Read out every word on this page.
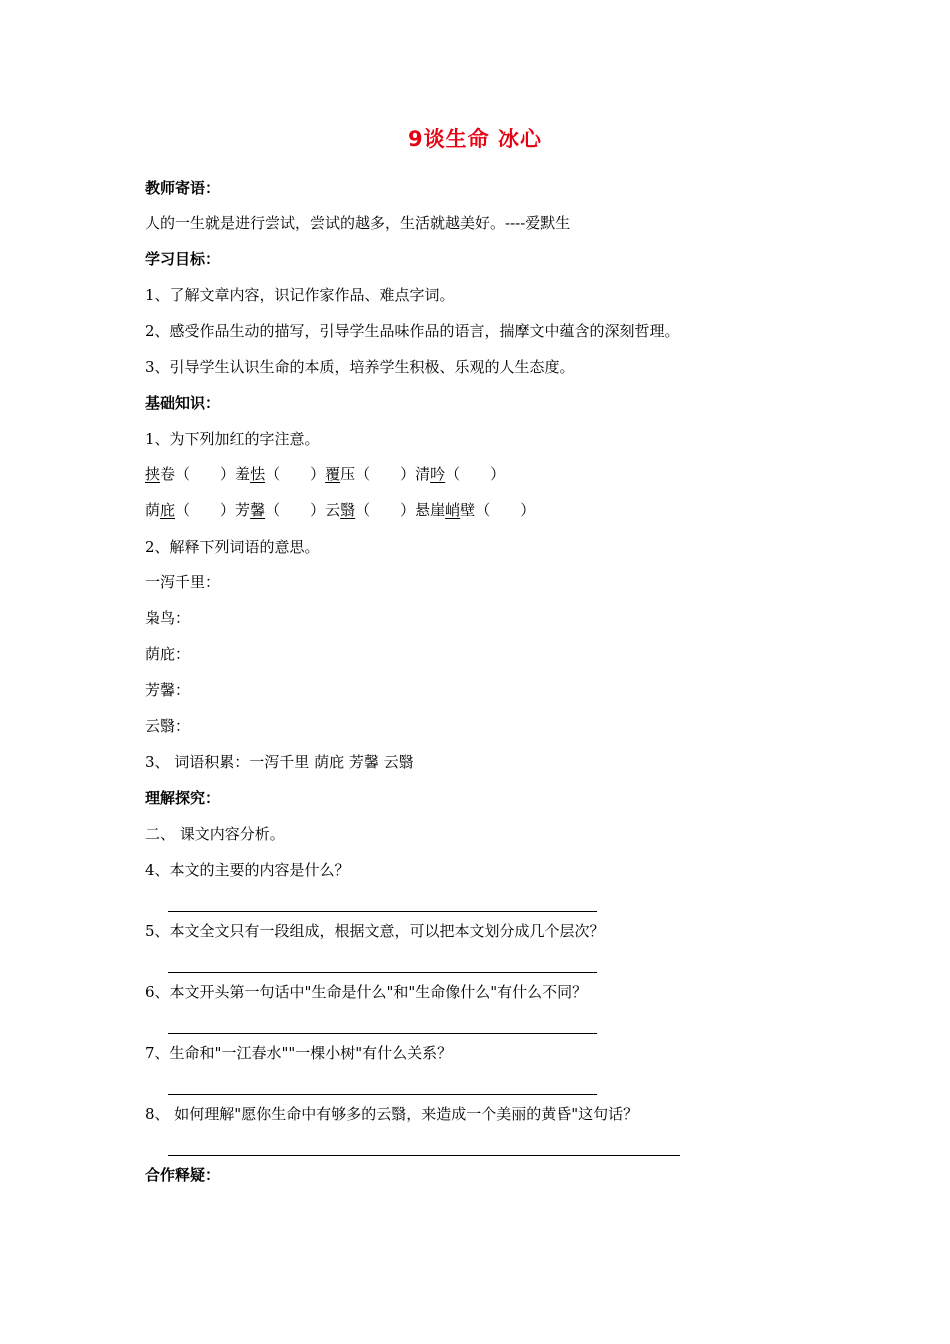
9谈生命 冰心
教师寄语：
人的一生就是进行尝试，尝试的越多，生活就越美好。----爱默生
学习目标：
1、了解文章内容，识记作家作品、难点字词。
2、感受作品生动的描写，引导学生品味作品的语言，揣摩文中蕴含的深刻哲理。
3、引导学生认识生命的本质，培养学生积极、乐观的人生态度。
基础知识：
1、为下列加红的字注意。
挟卷（　　）羞怯（　　）覆压（　　）清吟（　　）
荫庇（　　）芳馨（　　）云翳（　　）悬崖峭壁（　　）
2、解释下列词语的意思。
一泻千里：
枭鸟：
荫庇：
芳馨：
云翳：
3、 词语积累：一泻千里 荫庇 芳馨 云翳
理解探究：
二、 课文内容分析。
4、本文的主要的内容是什么？
5、本文全文只有一段组成，根据文意，可以把本文划分成几个层次？
6、本文开头第一句话中"生命是什么"和"生命像什么"有什么不同？
7、生命和"一江春水""一棵小树"有什么关系？
8、 如何理解"愿你生命中有够多的云翳，来造成一个美丽的黄昏"这句话？
合作释疑：
